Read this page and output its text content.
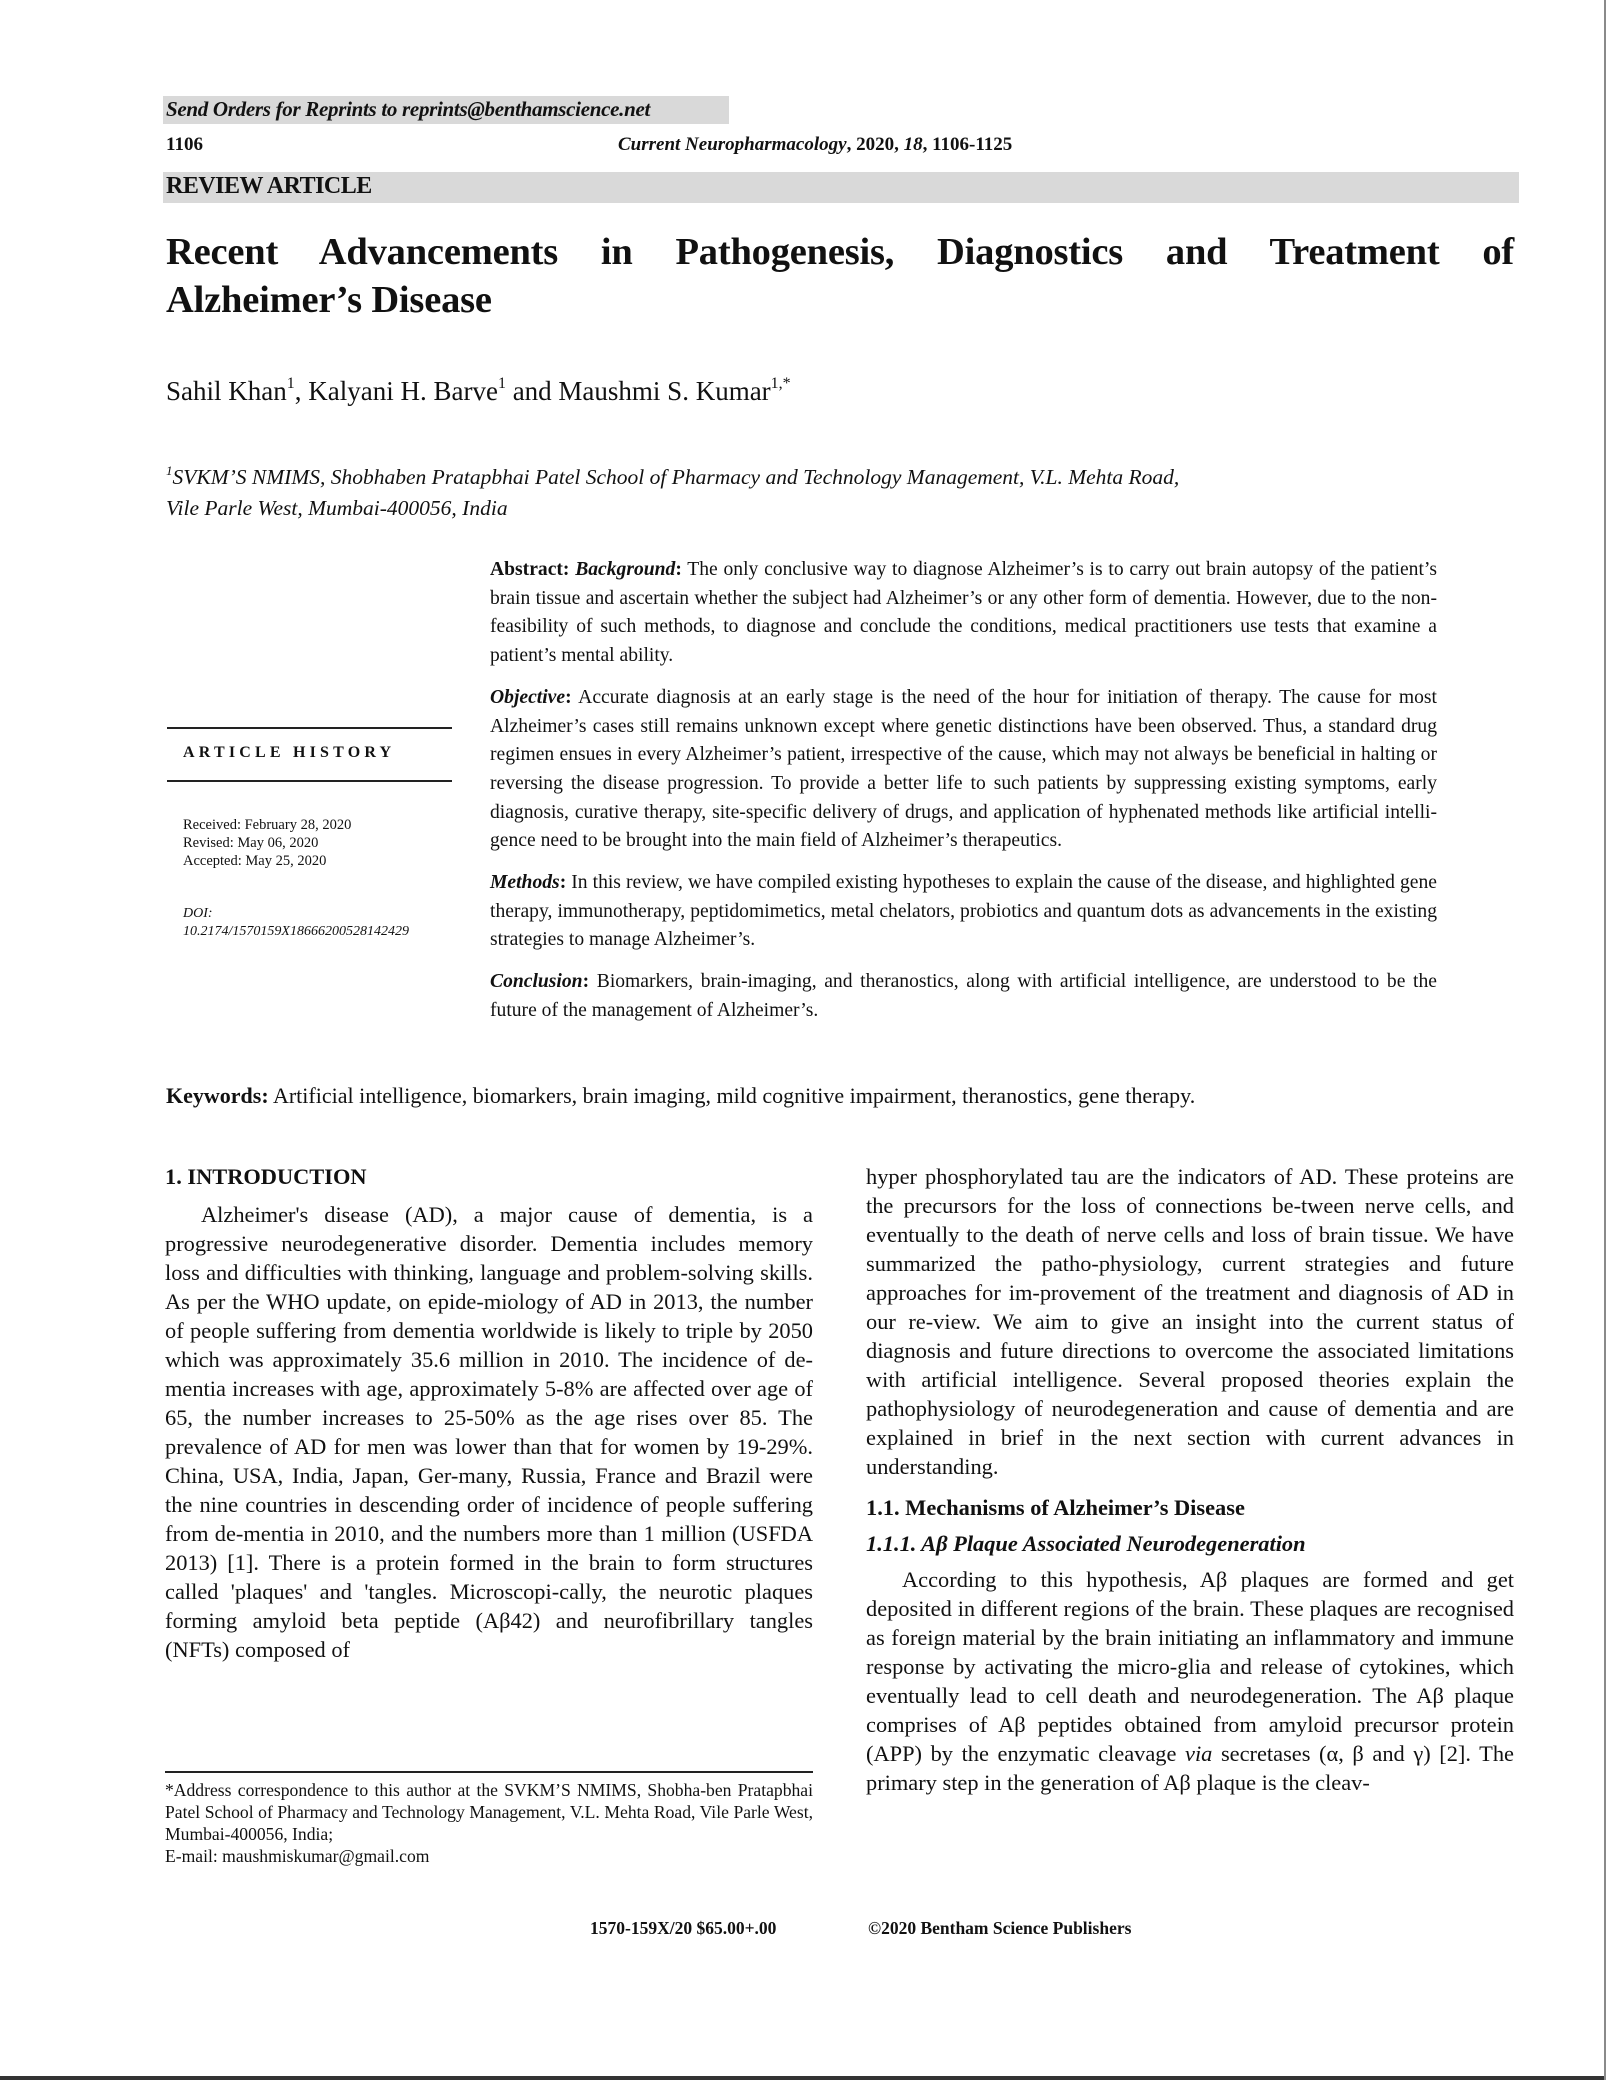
Send Orders for Reprints to reprints@benthamscience.net
1106	Current Neuropharmacology, 2020, 18, 1106-1125
REVIEW ARTICLE
Recent Advancements in Pathogenesis, Diagnostics and Treatment of
Alzheimer’s Disease
Sahil Khan$^1$, Kalyani H. Barve$^1$ and Maushmi S. Kumar$^{1,*}$
$^1$SVKM’S NMIMS, Shobhaben Pratapbhai Patel School of Pharmacy and Technology Management, V.L. Mehta Road,
Vile Parle West, Mumbai-400056, India

Abstract: Background: The only conclusive way to diagnose Alzheimer’s is to carry out brain autopsy of the patient’s brain tissue and ascertain whether the subject had Alzheimer’s or any other form of dementia. However, due to the non-feasibility of such methods, to diagnose and conclude the conditions, medical practitioners use tests that examine a patient’s mental ability.

Objective: Accurate diagnosis at an early stage is the need of the hour for initiation of therapy. The cause for most Alzheimer’s cases still remains unknown except where genetic distinctions have been observed. Thus, a standard drug regimen ensues in every Alzheimer’s patient, irrespective of the cause, which may not always be beneficial in halting or reversing the disease progression. To provide a better life to such patients by suppressing existing symptoms, early diagnosis, curative therapy, site-specific delivery of drugs, and application of hyphenated methods like artificial intelli-gence need to be brought into the main field of Alzheimer’s therapeutics.

Methods: In this review, we have compiled existing hypotheses to explain the cause of the disease, and highlighted gene therapy, immunotherapy, peptidomimetics, metal chelators, probiotics and quantum dots as advancements in the existing strategies to manage Alzheimer’s.

Conclusion: Biomarkers, brain-imaging, and theranostics, along with artificial intelligence, are understood to be the future of the management of Alzheimer’s.

ARTICLE HISTORY
Received: February 28, 2020
Revised: May 06, 2020
Accepted: May 25, 2020
DOI:
10.2174/1570159X18666200528142429
Keywords: Artificial intelligence, biomarkers, brain imaging, mild cognitive impairment, theranostics, gene therapy.

1. INTRODUCTION

Alzheimer's disease (AD), a major cause of dementia, is a progressive neurodegenerative disorder. Dementia includes memory loss and difficulties with thinking, language and problem-solving skills. As per the WHO update, on epide-miology of AD in 2013, the number of people suffering from dementia worldwide is likely to triple by 2050 which was approximately 35.6 million in 2010. The incidence of de-mentia increases with age, approximately 5-8% are affected over age of 65, the number increases to 25-50% as the age rises over 85. The prevalence of AD for men was lower than that for women by 19-29%. China, USA, India, Japan, Ger-many, Russia, France and Brazil were the nine countries in descending order of incidence of people suffering from de-mentia in 2010, and the numbers more than 1 million (USFDA 2013) [1]. There is a protein formed in the brain to form structures called 'plaques' and 'tangles. Microscopi-cally, the neurotic plaques forming amyloid beta peptide (Aβ42) and neurofibrillary tangles (NFTs) composed of

*Address correspondence to this author at the SVKM’S NMIMS, Shobha-ben Pratapbhai Patel School of Pharmacy and Technology Management, V.L. Mehta Road, Vile Parle West, Mumbai-400056, India;
E-mail: maushmiskumar@gmail.com

hyper phosphorylated tau are the indicators of AD. These proteins are the precursors for the loss of connections be-tween nerve cells, and eventually to the death of nerve cells and loss of brain tissue. We have summarized the patho-physiology, current strategies and future approaches for im-provement of the treatment and diagnosis of AD in our re-view. We aim to give an insight into the current status of diagnosis and future directions to overcome the associated limitations with artificial intelligence. Several proposed theories explain the pathophysiology of neurodegeneration and cause of dementia and are explained in brief in the next section with current advances in understanding.

1.1. Mechanisms of Alzheimer’s Disease

1.1.1. Aβ Plaque Associated Neurodegeneration

According to this hypothesis, Aβ plaques are formed and get deposited in different regions of the brain. These plaques are recognised as foreign material by the brain initiating an inflammatory and immune response by activating the micro-glia and release of cytokines, which eventually lead to cell death and neurodegeneration. The Aβ plaque comprises of Aβ peptides obtained from amyloid precursor protein (APP) by the enzymatic cleavage via secretases (α, β and γ) [2]. The primary step in the generation of Aβ plaque is the cleav-

1570-159X/20 $65.00+.00	©2020 Bentham Science Publishers
